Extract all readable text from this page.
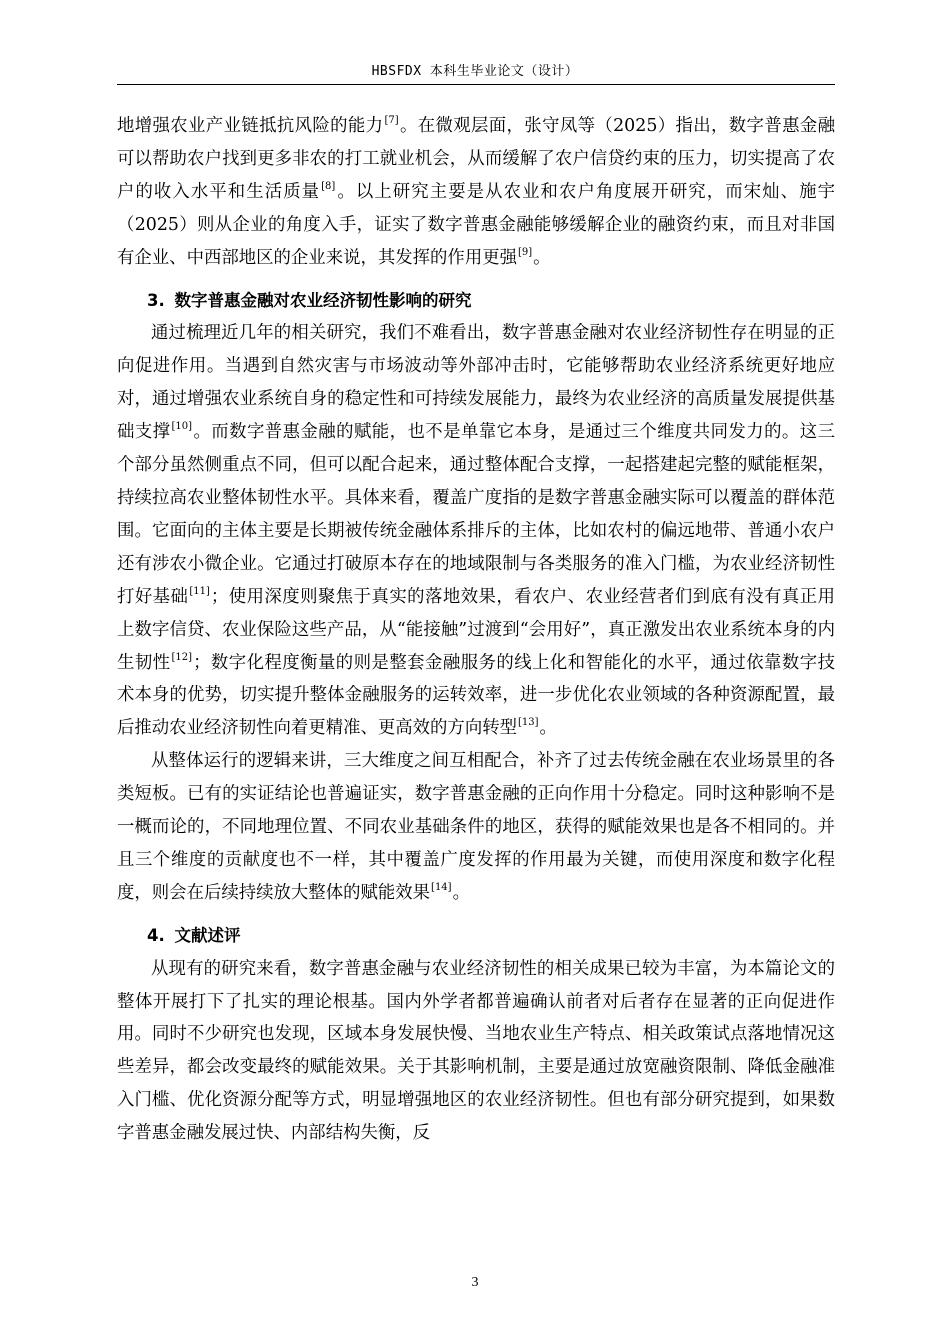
HBSFDX 本科生毕业论文（设计）

地增强农业产业链抵抗风险的能力[7]。在微观层面，张守凤等（2025）指出，数字普惠金融可以帮助农户找到更多非农的打工就业机会，从而缓解了农户信贷约束的压力，切实提高了农户的收入水平和生活质量[8]。以上研究主要是从农业和农户角度展开研究，而宋灿、施宇（2025）则从企业的角度入手，证实了数字普惠金融能够缓解企业的融资约束，而且对非国有企业、中西部地区的企业来说，其发挥的作用更强[9]。

3. 数字普惠金融对农业经济韧性影响的研究

通过梳理近几年的相关研究，我们不难看出，数字普惠金融对农业经济韧性存在明显的正向促进作用。当遇到自然灾害与市场波动等外部冲击时，它能够帮助农业经济系统更好地应对，通过增强农业系统自身的稳定性和可持续发展能力，最终为农业经济的高质量发展提供基础支撑[10]。而数字普惠金融的赋能，也不是单靠它本身，是通过三个维度共同发力的。这三个部分虽然侧重点不同，但可以配合起来，通过整体配合支撑，一起搭建起完整的赋能框架，持续拉高农业整体韧性水平。具体来看，覆盖广度指的是数字普惠金融实际可以覆盖的群体范围。它面向的主体主要是长期被传统金融体系排斥的主体，比如农村的偏远地带、普通小农户还有涉农小微企业。它通过打破原本存在的地域限制与各类服务的准入门槛，为农业经济韧性打好基础[11]；使用深度则聚焦于真实的落地效果，看农户、农业经营者们到底有没有真正用上数字信贷、农业保险这些产品，从“能接触”过渡到“会用好”，真正激发出农业系统本身的内生韧性[12]；数字化程度衡量的则是整套金融服务的线上化和智能化的水平，通过依靠数字技术本身的优势，切实提升整体金融服务的运转效率，进一步优化农业领域的各种资源配置，最后推动农业经济韧性向着更精准、更高效的方向转型[13]。

从整体运行的逻辑来讲，三大维度之间互相配合，补齐了过去传统金融在农业场景里的各类短板。已有的实证结论也普遍证实，数字普惠金融的正向作用十分稳定。同时这种影响不是一概而论的，不同地理位置、不同农业基础条件的地区，获得的赋能效果也是各不相同的。并且三个维度的贡献度也不一样，其中覆盖广度发挥的作用最为关键，而使用深度和数字化程度，则会在后续持续放大整体的赋能效果[14]。

4. 文献述评

从现有的研究来看，数字普惠金融与农业经济韧性的相关成果已较为丰富，为本篇论文的整体开展打下了扎实的理论根基。国内外学者都普遍确认前者对后者存在显著的正向促进作用。同时不少研究也发现，区域本身发展快慢、当地农业生产特点、相关政策试点落地情况这些差异，都会改变最终的赋能效果。关于其影响机制，主要是通过放宽融资限制、降低金融准入门槛、优化资源分配等方式，明显增强地区的农业经济韧性。但也有部分研究提到，如果数字普惠金融发展过快、内部结构失衡，反

3
